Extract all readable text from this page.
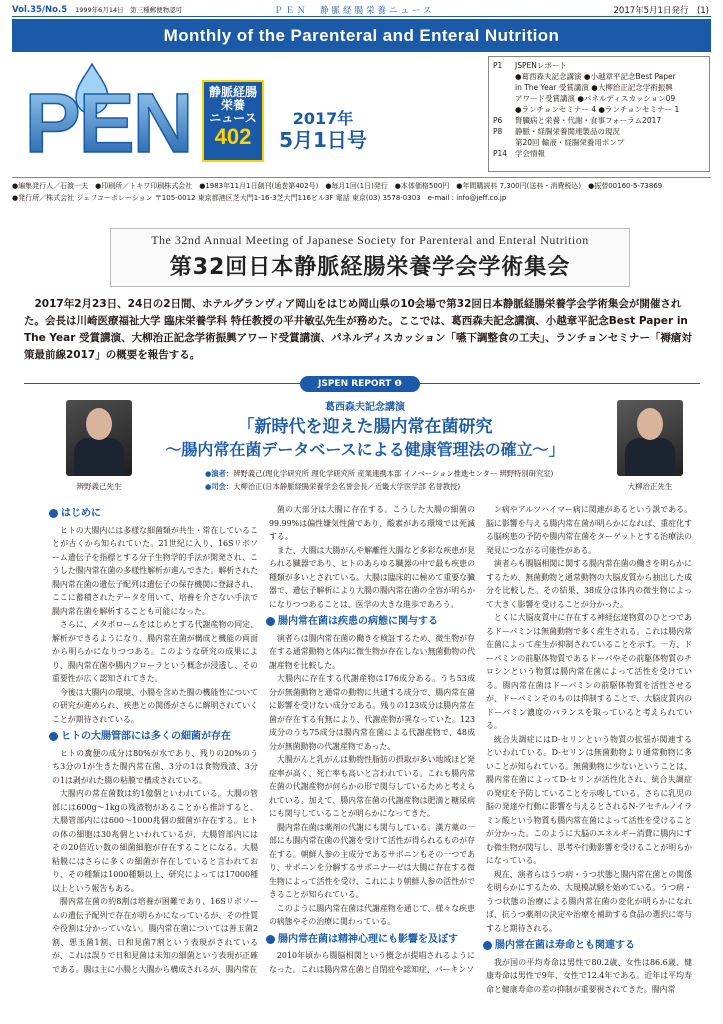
Vol.35/No.5 1999年6月14日　第三種郵便物認可	ＰＥＮ　静脈経腸栄養ニュース	2017年5月1日発行　(1)
Monthly of the Parenteral and Enteral Nutrition
PEN	静脈経腸栄養
ニュース
402
2017年
5月1日号
P1	JSPENレポート
●葛西森夫記念講演 ●小越章平記念Best Paper
in The Year 受賞講演 ●大柳治正記念学術振興
アワード受賞講演 ●パネルディスカッション09
●ランチョンセミナー 4 ●ランチョンセミナー 1
P6	腎臓病と栄養・代謝・食事フォーラム2017
P8	静脈・経腸栄養関連製品の現況
第20回 輸液・経腸栄養用ポンプ
P14	学会情報
●編集発行人／石渡一夫　●印刷所／トキワ印刷株式会社　●1983年11月1日創刊(通巻第402号)　●毎月1回(1日)発行　●本体価格500円　●年間購読料 7,300円(送料・消費税込)　●振替00160-5-73869
●発行所／株式会社 ジェフコーポレーション 〒105-0012 東京都港区芝大門1-16-3芝大門116ビル3F 電話 東京(03) 3578-0303　e-mail : info@jeff.co.jp
The 32nd Annual Meeting of Japanese Society for Parenteral and Enteral Nutrition
第32回日本静脈経腸栄養学会学術集会
2017年2月23日、24日の2日間、ホテルグランヴィア岡山をはじめ岡山県の10会場で第32回日本静脈経腸栄養学会学術集会が開催された。会長は川崎医療福祉大学 臨床栄養学科 特任教授の平井敏弘先生が務めた。ここでは、葛西森夫記念講演、小越章平記念Best Paper in The Year 受賞講演、大柳治正記念学術振興アワード受賞講演、パネルディスカッション「嚥下調整食の工夫」、ランチョンセミナー「褥瘡対策最前線2017」の概要を報告する。
JSPEN REPORT ❶
辨野義己先生	大柳治正先生
葛西森夫記念講演
「新時代を迎えた腸内常在菌研究
～腸内常在菌データベースによる健康管理法の確立～」
●演者：辨野義己(理化学研究所 理化学研究所 産業連携本部 イノベーション推進センター 辨野特別研究室)
●司会：大柳治正(日本静脈経腸栄養学会名誉会長／近畿大学医学部 名誉教授)
はじめに

ヒトの大腸内には多様な細菌類が共生・常在していることが古くから知られていた。21世紀に入り、16Sリボソーム遺伝子を指標とする分子生物学的手法が開発され、こうした腸内常在菌の多様性解析が進んできた。解析された腸内常在菌の遺伝子配列は遺伝子の保存機関に登録され、ここに蓄積されたデータを用いて、培養を介さない手法で腸内常在菌を解析することも可能になった。

さらに、メタボロームをはじめとする代謝産物の同定、解析ができるようになり、腸内常在菌が構成と機能の両面から明らかになりつつある。このような研究の成果により、腸内常在菌や腸内フローラという概念が浸透し、その重要性が広く認知されてきた。

今後は大腸内の環境、小腸を含めた腸の機能性についての研究が進められ、疾患との関係がさらに解明されていくことが期待されている。

ヒトの大腸管部には多くの細菌が存在

ヒトの糞便の成分は80%が水であり、残りの20%のうち3分の1が生きた腸内常在菌、3分の1は食物残渣、3分の1は剥がれた腸の粘膜で構成されている。

大腸内の常在菌数は約1億個といわれている。大腸の管部には600g～1kgの残渣物があることから推計すると、大腸管部内には600～1000兆個の細菌が存在する。ヒトの体の細胞は30兆個といわれているが、大腸管部内にはその20倍近い数の細菌細胞が存在することになる。大腸粘膜にはさらに多くの細菌が存在していると言われており、その種類は1000種類以上、研究によっては17000種以上という報告もある。

腸内常在菌の約8割は培養が困難であり、16Sリボソームの遺伝子配列で存在が明らかになっているが、その性質や役割は分かっていない。腸内常在菌については善玉菌2割、悪玉菌1割、日和見菌7割という表現がされているが、これは誤りで日和見菌は未知の細菌という表現が正確である。腸は主に小腸と大腸から構成されるが、腸内常在

菌の大部分は大腸に存在する。こうした大腸の細菌の99.99%は偏性嫌気性菌であり、酸素がある環境では死滅する。

また、大腸は大腸がんや解離性大腸など多彩な疾患が見られる臓器であり、ヒトのあらゆる臓器の中で最も疾患の種類が多いとされている。大腸は臨床的に極めて重要な臓器で、遺伝子解析により大腸の腸内常在菌の全容が明らかになりつつあることは、医学の大きな進歩であろう。

腸内常在菌は疾患の病態に関与する

演者らは腸内常在菌の働きを検証するため、微生物が存在する通常動物と体内に微生物が存在しない無菌動物の代謝産物を比較した。

大腸内に存在する代謝産物は176成分ある。うち53成分が無菌動物と通常の動物に共通する成分で、腸内常在菌に影響を受けない成分である。残りの123成分は腸内常在菌が存在する有無により、代謝産物が異なっていた。123成分のうち75成分は腸内常在菌による代謝産物で、48成分が無菌動物の代謝産物であった。

大腸がんと乳がんは動物性脂肪の摂取が多い地域ほど発症率が高く、死亡率も高いと言われている。これも腸内常在菌の代謝産物が何らかの形で関与しているためと考えられている。加えて、腸内常在菌の代謝産物は肥満と糖尿病にも関与していることが明らかになってきた。

腸内常在菌は薬剤の代謝にも関与している。漢方薬の一部にも腸内常在菌の代謝を受けて活性が得られるものが存在する。朝鮮人参の主成分であるサポニンもその一つであり、サポニンを分解するサポニナーゼは大腸に存在する微生物によって活性を受け、これにより朝鮮人参の活性ができることが知られている。

このように腸内常在菌は代謝産物を通じて、様々な疾患の病態やその治療に関わっている。

腸内常在菌は精神心理にも影響を及ぼす

2010年頃から腸脳相関という概念が提唱されるようになった。これは腸内常在菌と自閉症や認知症、パーキンソ

ン病やアルツハイマー病に関連があるという説である。脳に影響を与える腸内常在菌が明らかになれば、重症化する脳疾患の予防や腸内常在菌をターゲットとする治療法の発見につながる可能性がある。

演者らも腸脳相関に関する腸内常在菌の働きを明らかにするため、無菌動物と通常動物の大脳皮質から抽出した成分を比較した。その結果、38成分は体内の微生物によって大きく影響を受けることが分かった。

とくに大脳皮質中に存在する神経伝達物質のひとつであるドーパミンは無菌動物で多く産生される。これは腸内常在菌によって産生が抑制されていることを示す。一方、ドーパミンの前駆体物質であるドーパやその前駆体物質のチロシンという物質は腸内常在菌によって活性を受けている。腸内常在菌はドーパミンの前駆体物質を活性させるが、ドーパミンそのものは抑制することで、大脳皮質内のドーパミン濃度のバランスを取っていると考えられている。

統合失調症にはD-セリンという物質の拡張が関連するといわれている。D-セリンは無菌動物より通常動物に多いことが知られている。無菌動物に少ないということは、腸内常在菌によってD-セリンが活性化され、統合失調症の発症を予防していることを示唆している。さらに乳児の脳の発達や行動に影響を与えるとされるN-アセチルノイラミン酸という物質も腸内常在菌によって活性を受けることが分かった。このように大脳のエネルギー消費に腸内にすむ微生物が関与し、思考や行動影響を受けることが明らかになっている。

現在、演者らはうつ病・うつ状態と腸内常在菌との関係を明らかにするため、大規模試験を始めている。うつ病・うつ状態の治療による腸内常在菌の変化が明らかになれば、抗うつ薬剤の決定や治療を補助する食品の選択に寄与すると期待される。

腸内常在菌は寿命とも関連する

我が国の平均寿命は男性で80.2歳、女性は86.6歳、健康寿命は男性で9年、女性で12.4年である。近年は平均寿命と健康寿命の差の抑制が重要視されてきた。腸内常
